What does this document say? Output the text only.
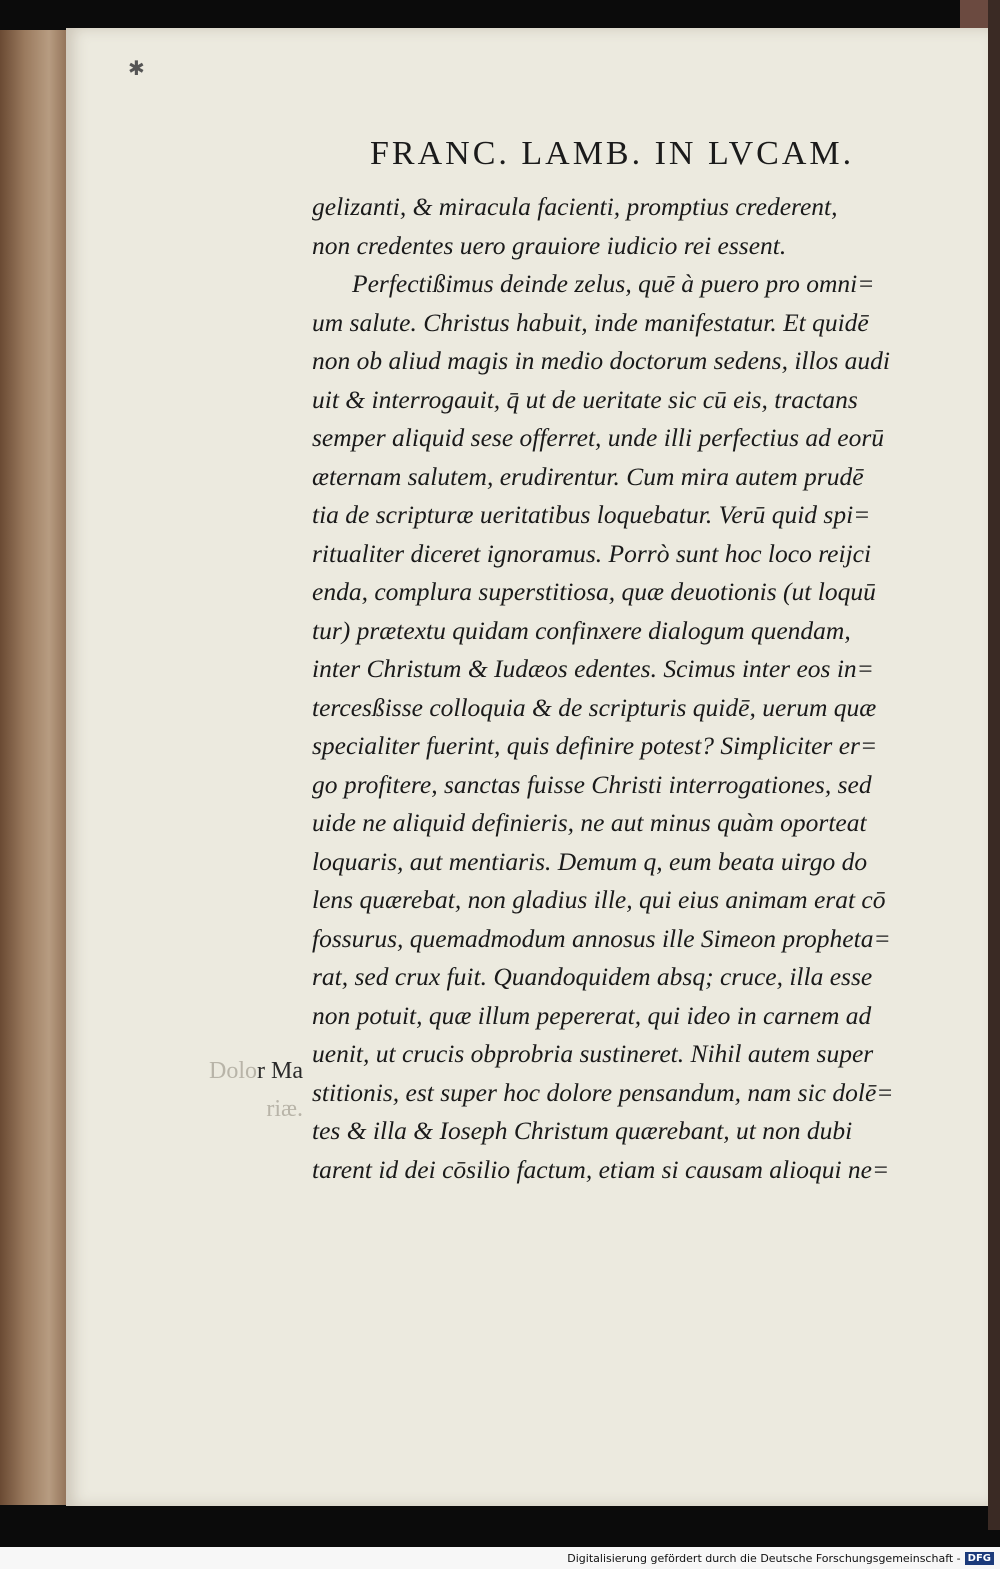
✱
FRANC. LAMB. IN LVCAM.
gelizanti, & miracula facienti, promptius crederent,
non credentes uero grauiore iudicio rei essent.
Perfectißimus deinde zelus, quē à puero pro omni=
um salute. Christus habuit, inde manifestatur. Et quidē
non ob aliud magis in medio doctorum sedens, illos audi
uit & interrogauit, q̄ ut de ueritate sic cū eis, tractans
semper aliquid sese offerret, unde illi perfectius ad eorū
æternam salutem, erudirentur. Cum mira autem prudē
tia de scripturæ ueritatibus loquebatur. Verū quid spi=
ritualiter diceret ignoramus. Porrò sunt hoc loco reijci
enda, complura superstitiosa, quæ deuotionis (ut loquū
tur) prætextu quidam confinxere dialogum quendam,
inter Christum & Iudæos edentes. Scimus inter eos in=
tercesßisse colloquia & de scripturis quidē, uerum quæ
specialiter fuerint, quis definire potest? Simpliciter er=
go profitere, sanctas fuisse Christi interrogationes, sed
uide ne aliquid definieris, ne aut minus quàm oporteat
loquaris, aut mentiaris. Demum q, eum beata uirgo do
lens quærebat, non gladius ille, qui eius animam erat cō
fossurus, quemadmodum annosus ille Simeon propheta=
rat, sed crux fuit. Quandoquidem absq; cruce, illa esse
non potuit, quæ illum pepererat, qui ideo in carnem ad
uenit, ut crucis obprobria sustineret. Nihil autem super
stitionis, est super hoc dolore pensandum, nam sic dolē=
tes & illa & Ioseph Christum quærebant, ut non dubi
tarent id dei cōsilio factum, etiam si causam alioqui ne=
Dolor Ma
riæ.
Digitalisierung gefördert durch die Deutsche Forschungsgemeinschaft - DFG
